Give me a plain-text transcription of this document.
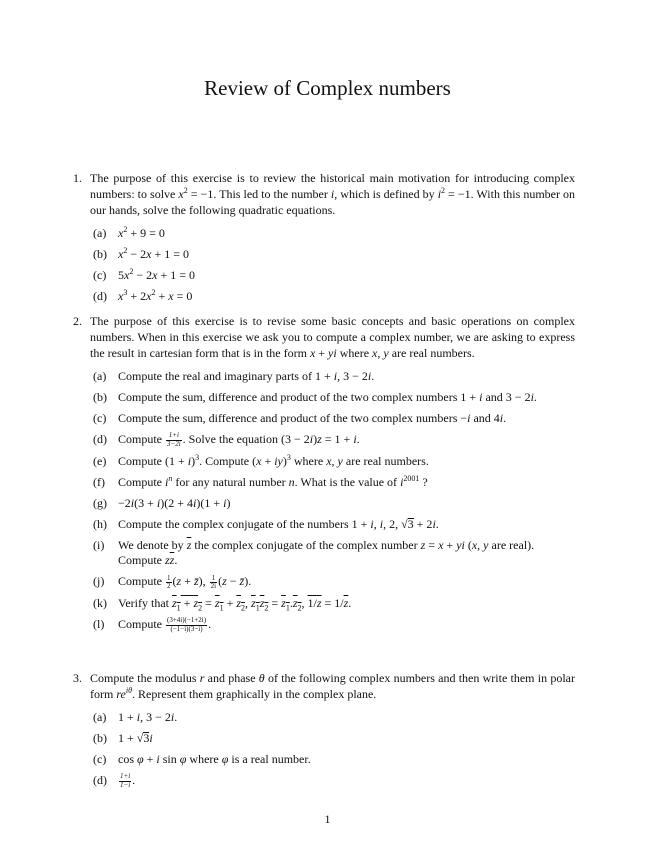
Review of Complex numbers
1. The purpose of this exercise is to review the historical main motivation for introducing complex numbers: to solve $x^2 = -1$. This led to the number i, which is defined by $i^2 = -1$. With this number on our hands, solve the following quadratic equations.
(a) $x^2 + 9 = 0$
(b) $x^2 - 2x + 1 = 0$
(c) $5x^2 - 2x + 1 = 0$
(d) $x^3 + 2x^2 + x = 0$
2. The purpose of this exercise is to revise some basic concepts and basic operations on complex numbers. When in this exercise we ask you to compute a complex number, we are asking to express the result in cartesian form that is in the form x + yi where x, y are real numbers.
(a) Compute the real and imaginary parts of 1 + i, 3 − 2i.
(b) Compute the sum, difference and product of the two complex numbers 1 + i and 3 − 2i.
(c) Compute the sum, difference and product of the two complex numbers −i and 4i.
(d) Compute $\frac{1+i}{3-2i}$ . Solve the equation (3 − 2i)z = 1 + i.
(e) Compute $(1 + i)^3$. Compute (x + iy)$^3$ where x, y are real numbers.
(f) Compute $i^n$ for any natural number n. What is the value of $i^{2001}$ ?
(g) −2i(3 + i)(2 + 4i)(1 + i)
(h) Compute the complex conjugate of the numbers 1 + i, i, 2, √3 + 2i.
(i) We denote by $\overline{z}$ the complex conjugate of the complex number z = x + yi (x, y are real). Compute $z\overline{z}$.
(j) Compute $\frac{1}{2} (z$ + z̄), $\frac{1}{2i} (z$ − z̄).
(k) Verify that $z_1 + z_2 = z_1 + z_2$, $z_1z_2 = z_1.z_2$, $1/z = 1/\overline{z}$.
(l) Compute $\frac{(3+4i)(-1+2i)}{(-1-i)(3-i)}$ .
3. Compute the modulus r and phase θ of the following complex numbers and then write them in polar form $re^{i\theta}$. Represent them graphically in the complex plane.
(a) 1 + i, 3 − 2i.
(b) 1 + √3i
(c) cos φ + i sin φ where φ is a real number.
$(d) \frac{1+i}{1-i}$ .
1
